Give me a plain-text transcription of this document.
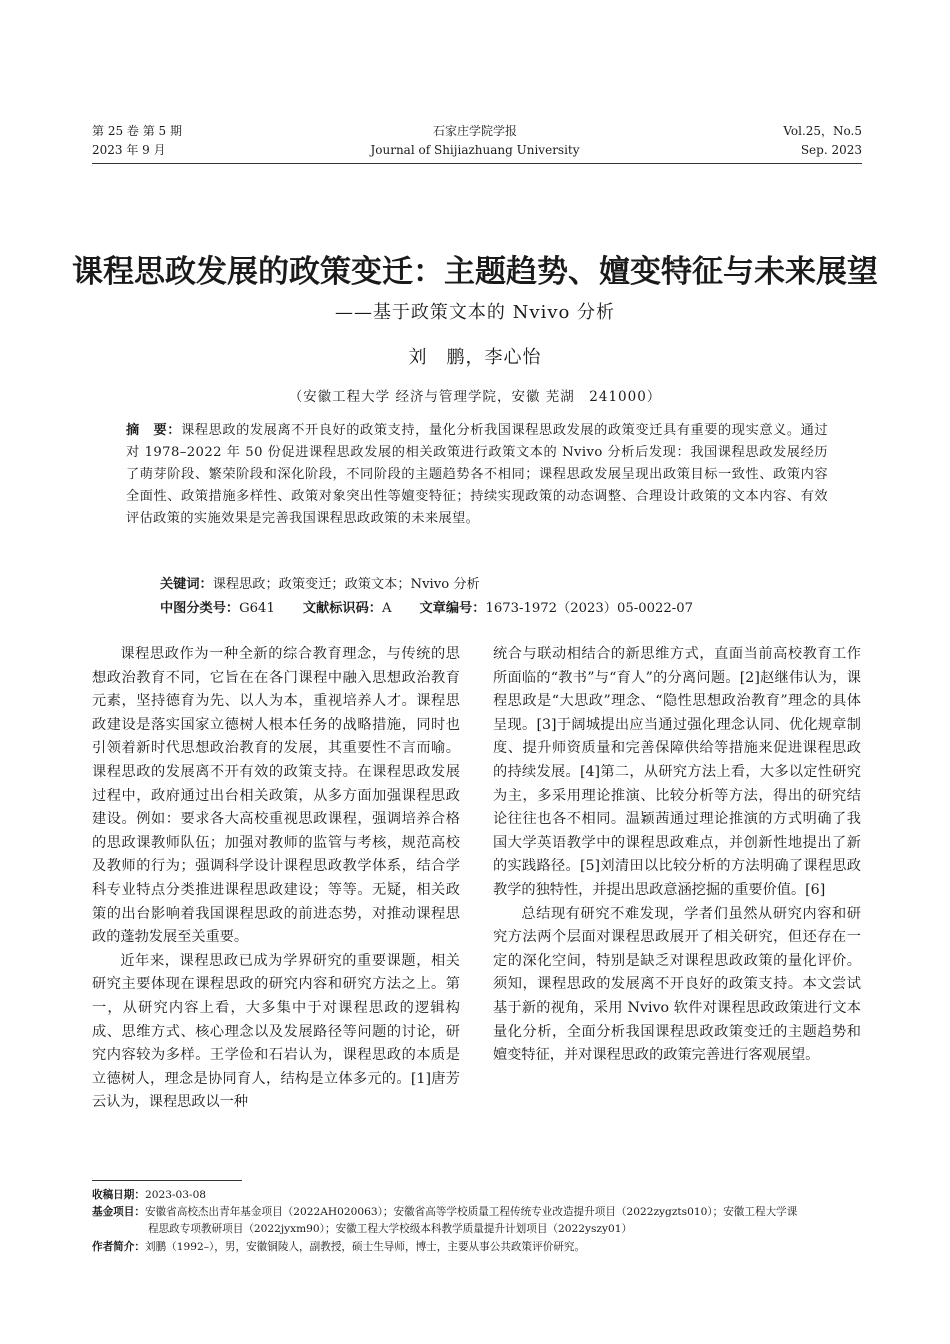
第 25 卷 第 5 期
2023 年 9 月
石家庄学院学报
Journal of Shijiazhuang University
Vol.25，No.5
Sep. 2023
课程思政发展的政策变迁：主题趋势、嬗变特征与未来展望
——基于政策文本的 Nvivo 分析
刘　鹏，李心怡
（安徽工程大学 经济与管理学院，安徽 芜湖　241000）
摘　要：课程思政的发展离不开良好的政策支持，量化分析我国课程思政发展的政策变迁具有重要的现实意义。通过对 1978–2022 年 50 份促进课程思政发展的相关政策进行政策文本的 Nvivo 分析后发现：我国课程思政发展经历了萌芽阶段、繁荣阶段和深化阶段，不同阶段的主题趋势各不相同；课程思政发展呈现出政策目标一致性、政策内容全面性、政策措施多样性、政策对象突出性等嬗变特征；持续实现政策的动态调整、合理设计政策的文本内容、有效评估政策的实施效果是完善我国课程思政政策的未来展望。
关键词：课程思政；政策变迁；政策文本；Nvivo 分析
中图分类号：G641 文献标识码：A 文章编号：1673-1972（2023）05-0022-07

课程思政作为一种全新的综合教育理念，与传统的思想政治教育不同，它旨在在各门课程中融入思想政治教育元素，坚持德育为先、以人为本，重视培养人才。课程思政建设是落实国家立德树人根本任务的战略措施，同时也引领着新时代思想政治教育的发展，其重要性不言而喻。课程思政的发展离不开有效的政策支持。在课程思政发展过程中，政府通过出台相关政策，从多方面加强课程思政建设。例如：要求各大高校重视思政课程，强调培养合格的思政课教师队伍；加强对教师的监管与考核，规范高校及教师的行为；强调科学设计课程思政教学体系，结合学科专业特点分类推进课程思政建设；等等。无疑，相关政策的出台影响着我国课程思政的前进态势，对推动课程思政的蓬勃发展至关重要。

近年来，课程思政已成为学界研究的重要课题，相关研究主要体现在课程思政的研究内容和研究方法之上。第一，从研究内容上看，大多集中于对课程思政的逻辑构成、思维方式、核心理念以及发展路径等问题的讨论，研究内容较为多样。王学俭和石岩认为，课程思政的本质是立德树人，理念是协同育人，结构是立体多元的。[1]唐芳云认为，课程思政以一种

统合与联动相结合的新思维方式，直面当前高校教育工作所面临的“教书”与“育人”的分离问题。[2]赵继伟认为，课程思政是“大思政”理念、“隐性思想政治教育”理念的具体呈现。[3]于阔城提出应当通过强化理念认同、优化规章制度、提升师资质量和完善保障供给等措施来促进课程思政的持续发展。[4]第二，从研究方法上看，大多以定性研究为主，多采用理论推演、比较分析等方法，得出的研究结论往往也各不相同。温颖茜通过理论推演的方式明确了我国大学英语教学中的课程思政难点，并创新性地提出了新的实践路径。[5]刘清田以比较分析的方法明确了课程思政教学的独特性，并提出思政意涵挖掘的重要价值。[6]

总结现有研究不难发现，学者们虽然从研究内容和研究方法两个层面对课程思政展开了相关研究，但还存在一定的深化空间，特别是缺乏对课程思政政策的量化评价。须知，课程思政的发展离不开良好的政策支持。本文尝试基于新的视角，采用 Nvivo 软件对课程思政政策进行文本量化分析，全面分析我国课程思政政策变迁的主题趋势和嬗变特征，并对课程思政的政策完善进行客观展望。

收稿日期：2023-03-08
基金项目：安徽省高校杰出青年基金项目（2022AH020063）；安徽省高等学校质量工程传统专业改造提升项目（2022zygzts010）；安徽工程大学课
程思政专项教研项目（2022jyxm90）；安徽工程大学校级本科教学质量提升计划项目（2022yszy01）
作者简介：刘鹏（1992–），男，安徽铜陵人，副教授，硕士生导师，博士，主要从事公共政策评价研究。
